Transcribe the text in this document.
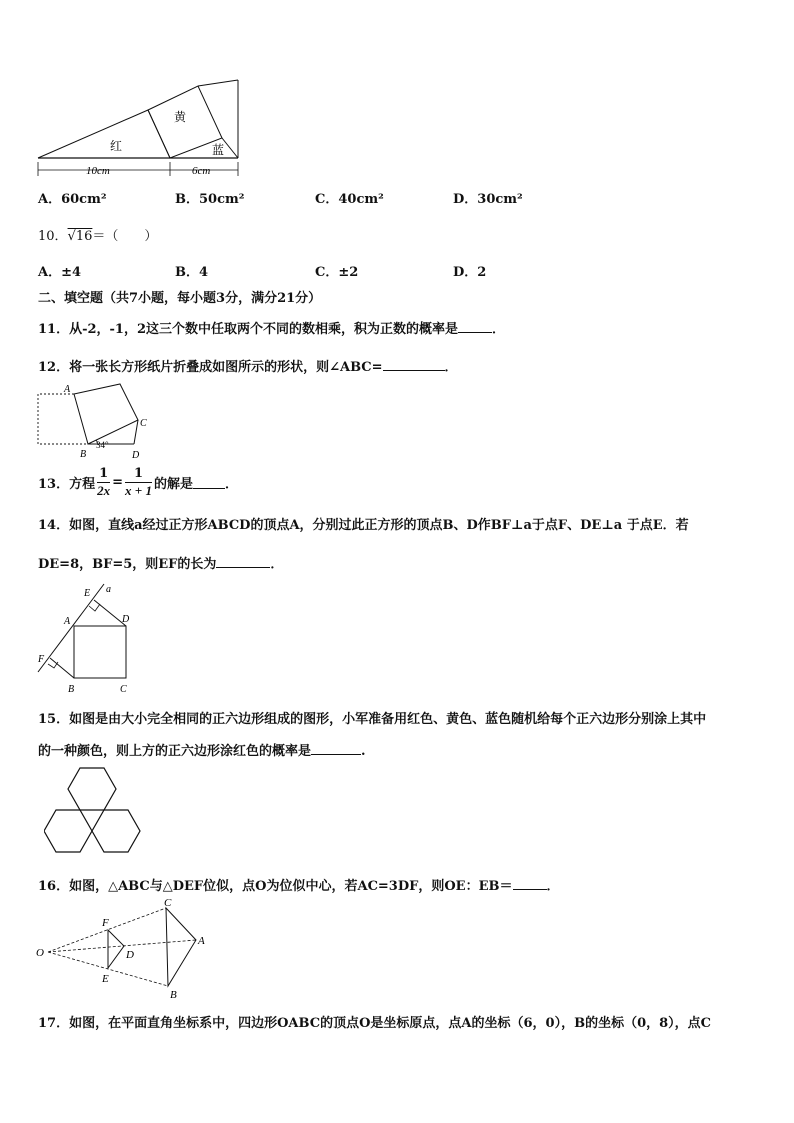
黄
红	蓝
10cm	6cm
A．60cm²	B．50cm²	C．40cm²	D．30cm²
10．√16＝（　　）
A．±4	B．4	C．±2	D．2
二、填空题（共7小题，每小题3分，满分21分）
11．从-2，-1，2这三个数中任取两个不同的数相乘，积为正数的概率是	．
12．将一张长方形纸片折叠成如图所示的形状，则∠ABC=	．
A
B
C
D
34°
13．方程 $\frac{1}{2x} = \frac{1}{x + 1}$ 的解是 ．
14．如图，直线a经过正方形ABCD的顶点A，分别过此正方形的顶点B、D作BF⊥a于点F、DE⊥a 于点E．若
DE=8，BF=5，则EF的长为	．
a
E
A	D
F
B	C
15．如图是由大小完全相同的正六边形组成的图形，小军准备用红色、黄色、蓝色随机给每个正六边形分别涂上其中
的一种颜色，则上方的正六边形涂红色的概率是	.
16．如图，△ABC与△DEF位似，点O为位似中心，若AC=3DF，则OE：EB＝	．
O
F
D
E
C
A
B
17．如图，在平面直角坐标系中，四边形OABC的顶点O是坐标原点，点A的坐标（6，0），B的坐标（0，8），点C
